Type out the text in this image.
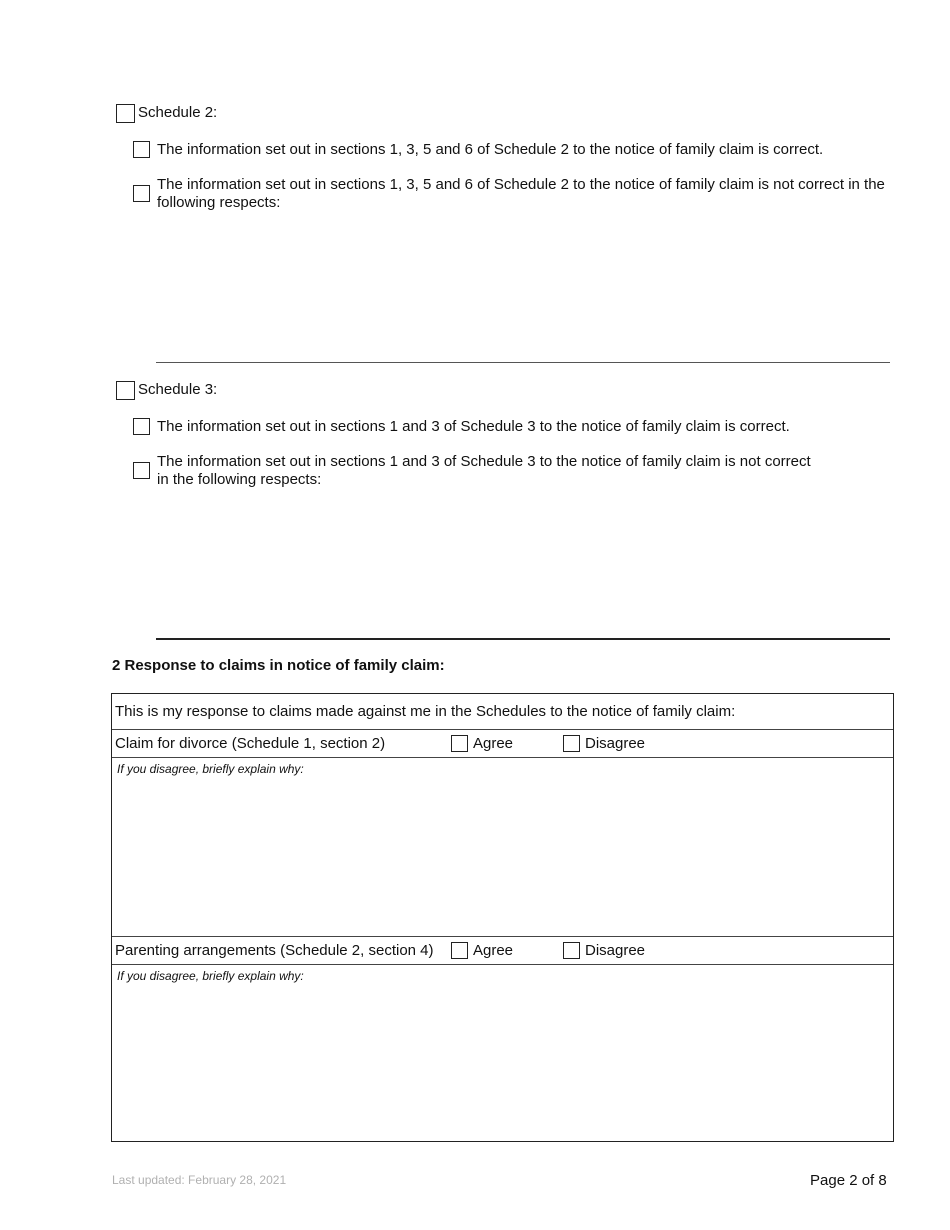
Schedule 2:
The information set out in sections 1, 3, 5 and 6 of Schedule 2 to the notice of family claim is correct.
The information set out in sections 1, 3, 5 and 6 of Schedule 2 to the notice of family claim is not correct in the following respects:
Schedule 3:
The information set out in sections 1 and 3 of Schedule 3 to the notice of family claim is correct.
The information set out in sections 1 and 3 of Schedule 3 to the notice of family claim is not correct
in the following respects:
2 Response to claims in notice of family claim:
This is my response to claims made against me in the Schedules to the notice of family claim:
Claim for divorce (Schedule 1, section 2)	Agree	Disagree
If you disagree, briefly explain why:
Parenting arrangements (Schedule 2, section 4)	Agree	Disagree
If you disagree, briefly explain why:
Last updated: February 28, 2021	Page 2 of 8
